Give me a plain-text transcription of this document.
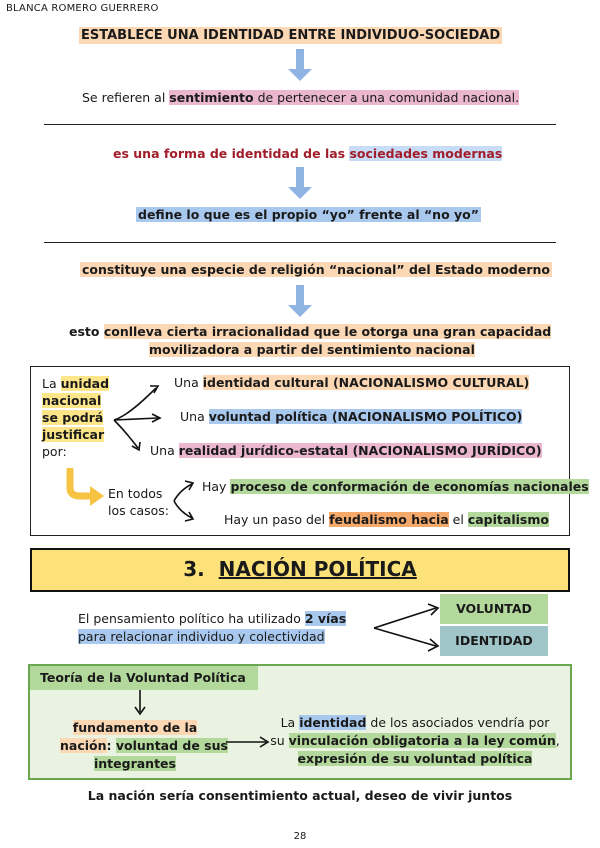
BLANCA ROMERO GUERRERO
ESTABLECE UNA IDENTIDAD ENTRE INDIVIDUO-SOCIEDAD
Se refieren al sentimiento de pertenecer a una comunidad nacional.
es una forma de identidad de las sociedades modernas
define lo que es el propio “yo” frente al “no yo”
constituye una especie de religión “nacional” del Estado moderno
esto conlleva cierta irracionalidad que le otorga una gran capacidad
movilizadora a partir del sentimiento nacional
La unidad
nacional
se podrá
justificar
por:
Una identidad cultural (NACIONALISMO CULTURAL)
Una voluntad política (NACIONALISMO POLÍTICO)
Una realidad jurídico-estatal (NACIONALISMO JURÍDICO)
En todos
los casos:
Hay proceso de conformación de economías nacionales
Hay un paso del feudalismo hacia el capitalismo
3. NACIÓN POLÍTICA
El pensamiento político ha utilizado 2 vías
para relacionar individuo y colectividad
VOLUNTAD
IDENTIDAD
Teoría de la Voluntad Política
fundamento de la
nación: voluntad de sus
integrantes
La identidad de los asociados vendría por
su vinculación obligatoria a la ley común,
expresión de su voluntad política
La nación sería consentimiento actual, deseo de vivir juntos
28
